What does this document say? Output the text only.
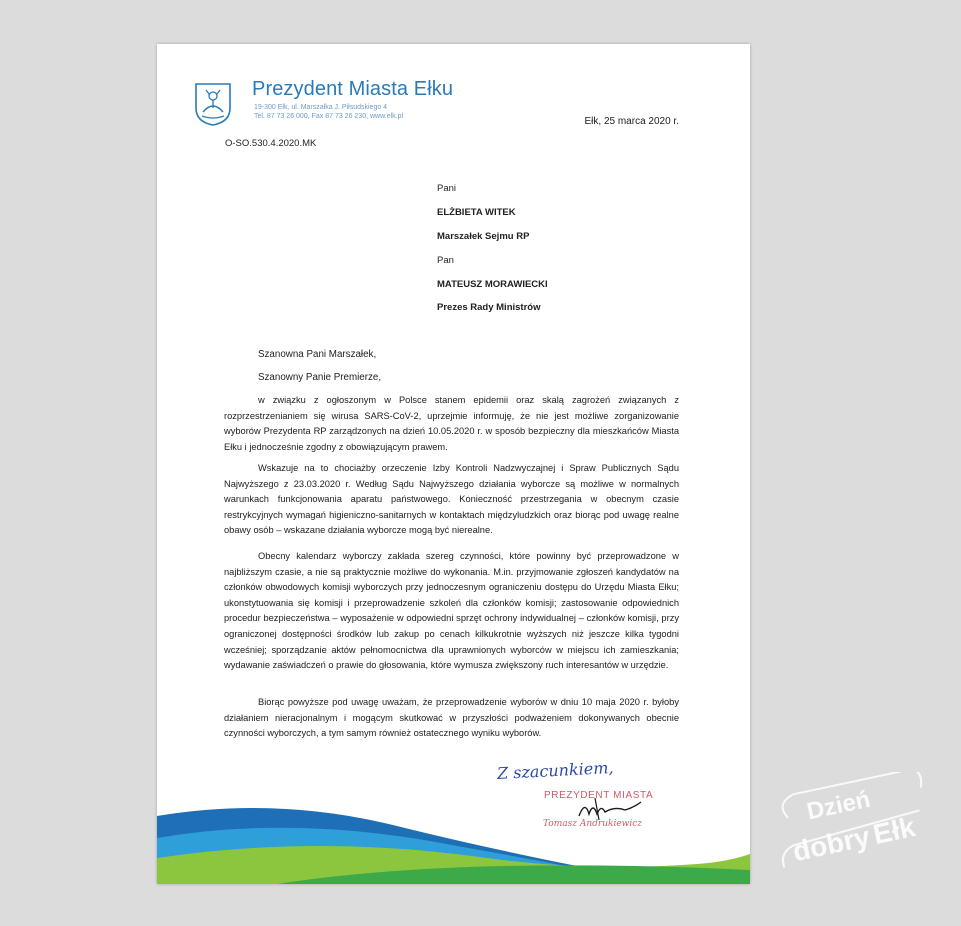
Prezydent Miasta Ełku
19-300 Ełk, ul. Marszałka J. Piłsudskiego 4
Tel. 87 73 26 000, Fax 87 73 26 230, www.elk.pl	Ełk, 25 marca 2020 r.
O-SO.530.4.2020.MK
Pani
ELŻBIETA WITEK
Marszałek Sejmu RP
Pan
MATEUSZ MORAWIECKI
Prezes Rady Ministrów
Szanowna Pani Marszałek,
Szanowny Panie Premierze,

w związku z ogłoszonym w Polsce stanem epidemii oraz skalą zagrożeń związanych z rozprzestrzenianiem się wirusa SARS-CoV-2, uprzejmie informuję, że nie jest możliwe zorganizowanie wyborów Prezydenta RP zarządzonych na dzień 10.05.2020 r. w sposób bezpieczny dla mieszkańców Miasta Ełku i jednocześnie zgodny z obowiązującym prawem.

Wskazuje na to chociażby orzeczenie Izby Kontroli Nadzwyczajnej i Spraw Publicznych Sądu Najwyższego z 23.03.2020 r. Według Sądu Najwyższego działania wyborcze są możliwe w normalnych warunkach funkcjonowania aparatu państwowego. Konieczność przestrzegania w obecnym czasie restrykcyjnych wymagań higieniczno-sanitarnych w kontaktach międzyludzkich oraz biorąc pod uwagę realne obawy osób – wskazane działania wyborcze mogą być nierealne.

Obecny kalendarz wyborczy zakłada szereg czynności, które powinny być przeprowadzone w najbliższym czasie, a nie są praktycznie możliwe do wykonania. M.in. przyjmowanie zgłoszeń kandydatów na członków obwodowych komisji wyborczych przy jednoczesnym ograniczeniu dostępu do Urzędu Miasta Ełku; ukonstytuowania się komisji i przeprowadzenie szkoleń dla członków komisji; zastosowanie odpowiednich procedur bezpieczeństwa – wyposażenie w odpowiedni sprzęt ochrony indywidualnej – członków komisji, przy ograniczonej dostępności środków lub zakup po cenach kilkukrotnie wyższych niż jeszcze kilka tygodni wcześniej; sporządzanie aktów pełnomocnictwa dla uprawnionych wyborców w miejscu ich zamieszkania; wydawanie zaświadczeń o prawie do głosowania, które wymusza zwiększony ruch interesantów w urzędzie.

Biorąc powyższe pod uwagę uważam, że przeprowadzenie wyborów w dniu 10 maja 2020 r. byłoby działaniem nieracjonalnym i mogącym skutkować w przyszłości podważeniem dokonywanych obecnie czynności wyborczych, a tym samym również ostatecznego wyniku wyborów.

Z szacunkiem,
PREZYDENT MIASTA
Tomasz Andrukiewicz	Dzień
dobry
Ełk
